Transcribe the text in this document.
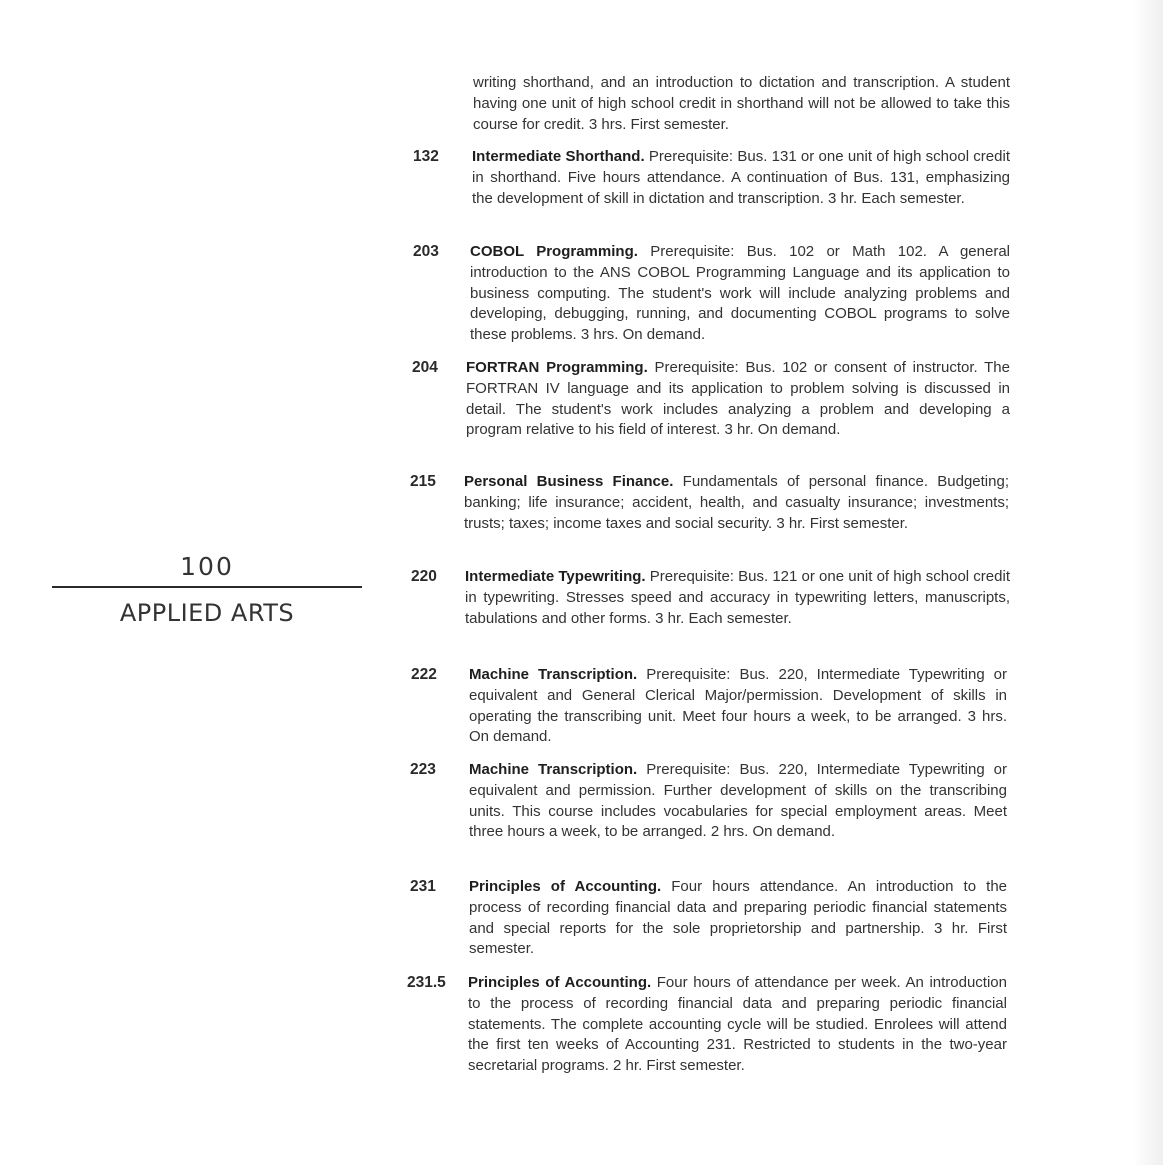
100
APPLIED ARTS
writing shorthand, and an introduction to dictation and transcription. A student having one unit of high school credit in shorthand will not be allowed to take this course for credit. 3 hrs. First semester.
132 Intermediate Shorthand. Prerequisite: Bus. 131 or one unit of high school credit in shorthand. Five hours attendance. A continuation of Bus. 131, emphasizing the development of skill in dictation and transcription. 3 hr. Each semester.
203 COBOL Programming. Prerequisite: Bus. 102 or Math 102. A general introduction to the ANS COBOL Programming Language and its application to business computing. The student's work will include analyzing problems and developing, debugging, running, and documenting COBOL programs to solve these problems. 3 hrs. On demand.
204 FORTRAN Programming. Prerequisite: Bus. 102 or consent of instructor. The FORTRAN IV language and its application to problem solving is discussed in detail. The student's work includes analyzing a problem and developing a program relative to his field of interest. 3 hr. On demand.
215 Personal Business Finance. Fundamentals of personal finance. Budgeting; banking; life insurance; accident, health, and casualty insurance; investments; trusts; taxes; income taxes and social security. 3 hr. First semester.
220 Intermediate Typewriting. Prerequisite: Bus. 121 or one unit of high school credit in typewriting. Stresses speed and accuracy in typewriting letters, manuscripts, tabulations and other forms. 3 hr. Each semester.
222 Machine Transcription. Prerequisite: Bus. 220, Intermediate Typewriting or equivalent and General Clerical Major/permission. Development of skills in operating the transcribing unit. Meet four hours a week, to be arranged. 3 hrs. On demand.
223 Machine Transcription. Prerequisite: Bus. 220, Intermediate Typewriting or equivalent and permission. Further development of skills on the transcribing units. This course includes vocabularies for special employment areas. Meet three hours a week, to be arranged. 2 hrs. On demand.
231 Principles of Accounting. Four hours attendance. An introduction to the process of recording financial data and preparing periodic financial statements and special reports for the sole proprietorship and partnership. 3 hr. First semester.
231.5 Principles of Accounting. Four hours of attendance per week. An introduction to the process of recording financial data and preparing periodic financial statements. The complete accounting cycle will be studied. Enrolees will attend the first ten weeks of Accounting 231. Restricted to students in the two-year secretarial programs. 2 hr. First semester.
